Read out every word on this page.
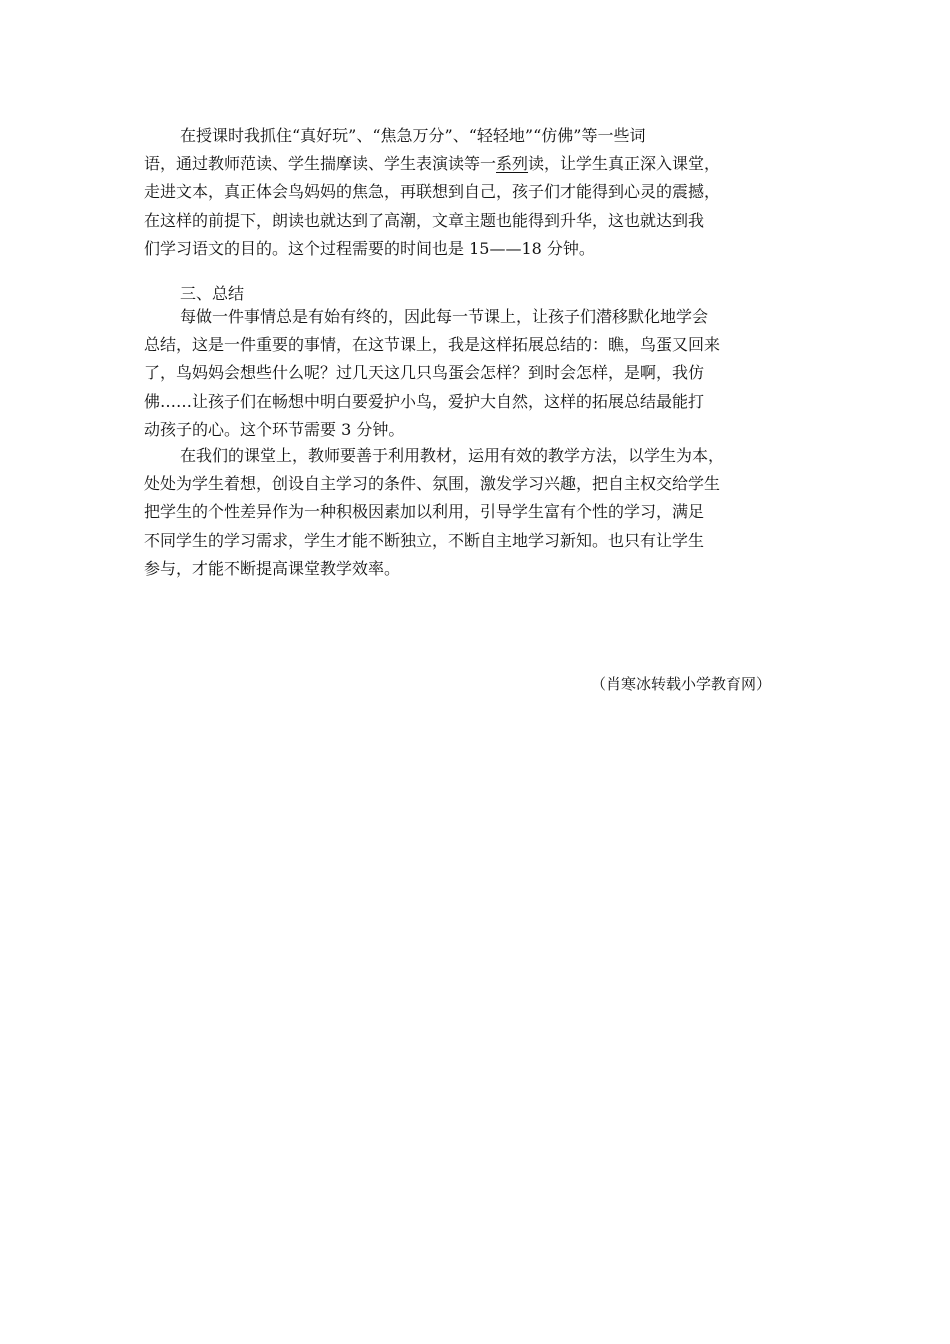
在授课时我抓住“真好玩”、“焦急万分”、“轻轻地”“仿佛”等一些词
语，通过教师范读、学生揣摩读、学生表演读等一系列读，让学生真正深入课堂，
走进文本，真正体会鸟妈妈的焦急，再联想到自己，孩子们才能得到心灵的震撼，
在这样的前提下，朗读也就达到了高潮，文章主题也能得到升华，这也就达到我
们学习语文的目的。这个过程需要的时间也是 15——18 分钟。
三、总结
每做一件事情总是有始有终的，因此每一节课上，让孩子们潜移默化地学会
总结，这是一件重要的事情，在这节课上，我是这样拓展总结的：瞧，鸟蛋又回来
了，鸟妈妈会想些什么呢？过几天这几只鸟蛋会怎样？到时会怎样，是啊，我仿
佛……让孩子们在畅想中明白要爱护小鸟，爱护大自然，这样的拓展总结最能打
动孩子的心。这个环节需要 3 分钟。
在我们的课堂上，教师要善于利用教材，运用有效的教学方法，以学生为本，
处处为学生着想，创设自主学习的条件、氛围，激发学习兴趣，把自主权交给学生
把学生的个性差异作为一种积极因素加以利用，引导学生富有个性的学习，满足
不同学生的学习需求，学生才能不断独立，不断自主地学习新知。也只有让学生
参与，才能不断提高课堂教学效率。
（肖寒冰转载小学教育网）
